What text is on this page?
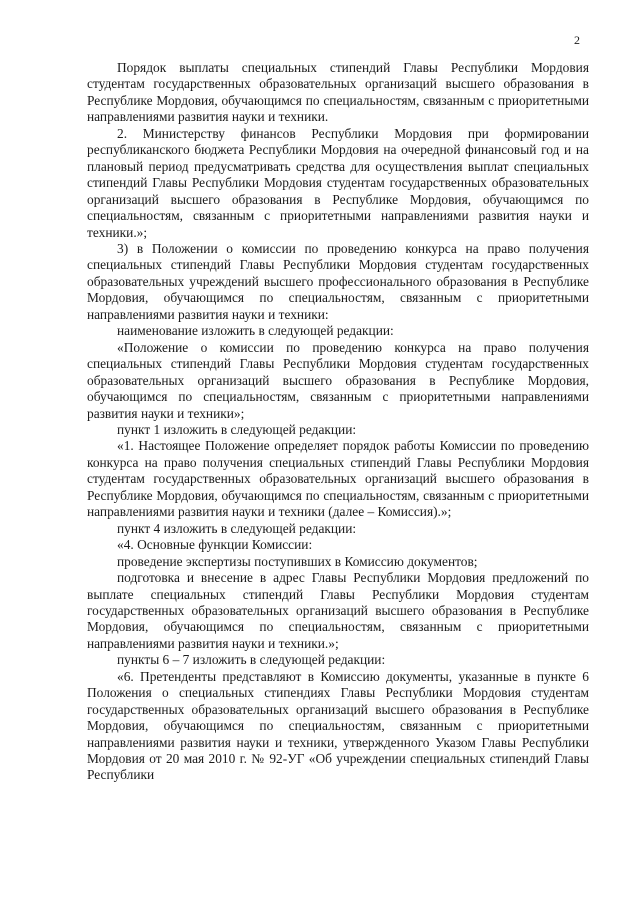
2

Порядок выплаты специальных стипендий Главы Республики Мордовия студентам государственных образовательных организаций высшего образования в Республике Мордовия, обучающимся по специальностям, связанным с приоритетными направлениями развития науки и техники.

2. Министерству финансов Республики Мордовия при формировании республиканского бюджета Республики Мордовия на очередной финансовый год и на плановый период предусматривать средства для осуществления выплат специальных стипендий Главы Республики Мордовия студентам государственных образовательных организаций высшего образования в Республике Мордовия, обучающимся по специальностям, связанным с приоритетными направлениями развития науки и техники.»;

3) в Положении о комиссии по проведению конкурса на право получения специальных стипендий Главы Республики Мордовия студентам государственных образовательных учреждений высшего профессионального образования в Республике Мордовия, обучающимся по специальностям, связанным с приоритетными направлениями развития науки и техники:

наименование изложить в следующей редакции:

«Положение о комиссии по проведению конкурса на право получения специальных стипендий Главы Республики Мордовия студентам государственных образовательных организаций высшего образования в Республике Мордовия, обучающимся по специальностям, связанным с приоритетными направлениями развития науки и техники»;

пункт 1 изложить в следующей редакции:

«1. Настоящее Положение определяет порядок работы Комиссии по проведению конкурса на право получения специальных стипендий Главы Республики Мордовия студентам государственных образовательных организаций высшего образования в Республике Мордовия, обучающимся по специальностям, связанным с приоритетными направлениями развития науки и техники (далее – Комиссия).»;

пункт 4 изложить в следующей редакции:

«4. Основные функции Комиссии:

проведение экспертизы поступивших в Комиссию документов;

подготовка и внесение в адрес Главы Республики Мордовия предложений по выплате специальных стипендий Главы Республики Мордовия студентам государственных образовательных организаций высшего образования в Республике Мордовия, обучающимся по специальностям, связанным с приоритетными направлениями развития науки и техники.»;

пункты 6 – 7 изложить в следующей редакции:

«6. Претенденты представляют в Комиссию документы, указанные в пункте 6 Положения о специальных стипендиях Главы Республики Мордовия студентам государственных образовательных организаций высшего образования в Республике Мордовия, обучающимся по специальностям, связанным с приоритетными направлениями развития науки и техники, утвержденного Указом Главы Республики Мордовия от 20 мая 2010 г. № 92-УГ «Об учреждении специальных стипендий Главы Республики
